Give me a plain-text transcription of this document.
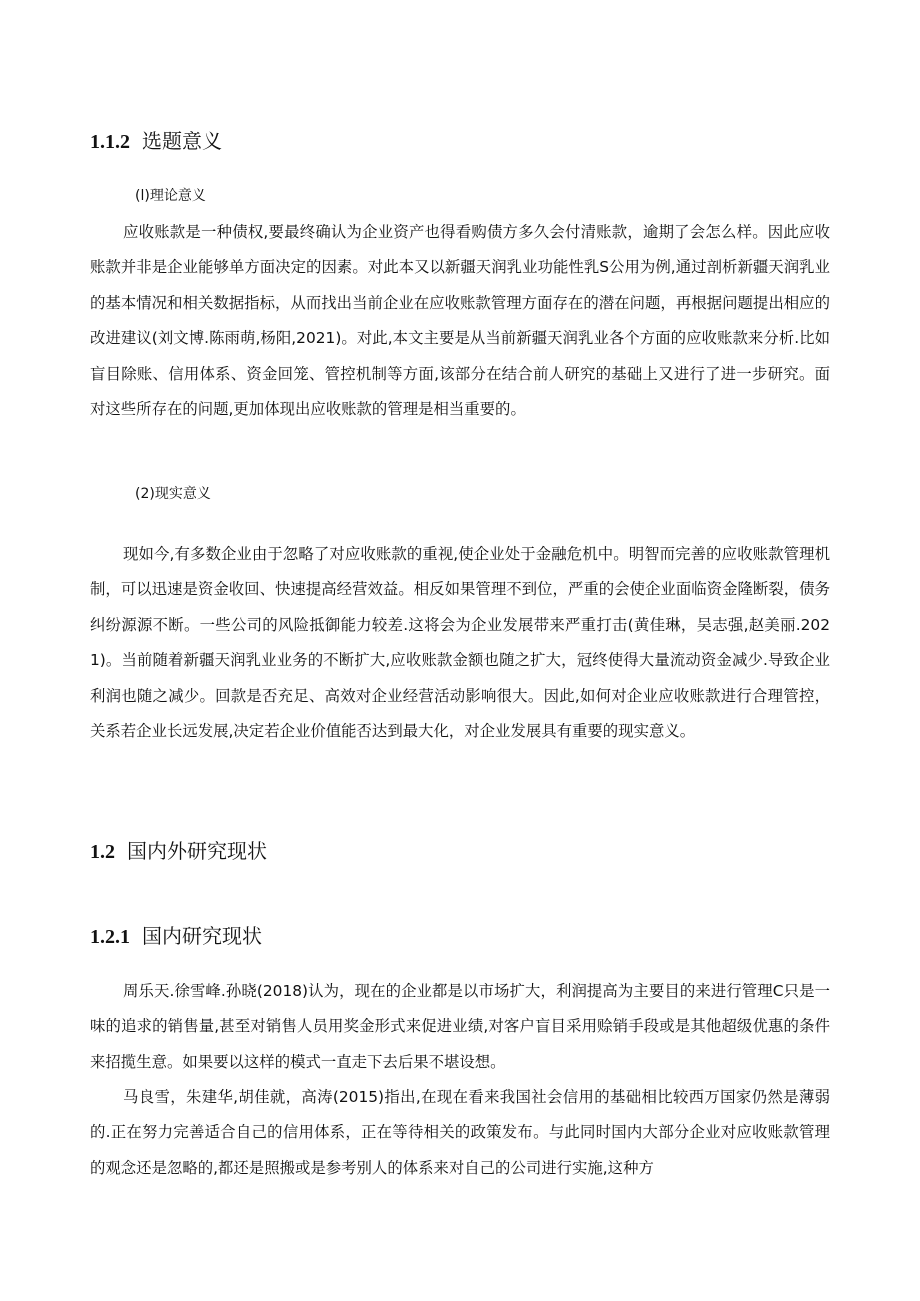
1.1.2 选题意义
(l)理论意义

应收账款是一种债权,要最终确认为企业资产也得看购债方多久会付清账款，逾期了会怎么样。因此应收账款并非是企业能够单方面决定的因素。对此本又以新疆天润乳业功能性乳S公用为例,通过剖析新疆天润乳业的基本情况和相关数据指标，从而找出当前企业在应收账款管理方面存在的潜在问题，再根据问题提出相应的改进建议(刘文博.陈雨萌,杨阳,2021)。对此,本文主要是从当前新疆天润乳业各个方面的应收账款来分析.比如盲目除账、信用体系、资金回笼、管控机制等方面,该部分在结合前人研究的基础上又进行了进一步研究。面对这些所存在的问题,更加体现出应收账款的管理是相当重要的。

(2)现实意义

现如今,有多数企业由于忽略了对应收账款的重视,使企业处于金融危机中。明智而完善的应收账款管理机制，可以迅速是资金收回、快速提高经营效益。相反如果管理不到位，严重的会使企业面临资金隆断裂，债务纠纷源源不断。一些公司的风险抵御能力较差.这将会为企业发展带来严重打击(黄佳琳，吴志强,赵美丽.2021)。当前随着新疆天润乳业业务的不断扩大,应收账款金额也随之扩大，冠终使得大量流动资金减少.导致企业利润也随之减少。回款是否充足、高效对企业经营活动影响很大。因此,如何对企业应收账款进行合理管控，关系若企业长远发展,决定若企业价值能否达到最大化，对企业发展具有重要的现实意义。

1.2 国内外研究现状
1.2.1 国内研究现状

周乐天.徐雪峰.孙晓(2018)认为，现在的企业都是以市场扩大，利润提高为主要目的来进行管理C只是一味的追求的销售量,甚至对销售人员用奖金形式来促进业绩,对客户盲目采用赊销手段或是其他超级优惠的条件来招揽生意。如果要以这样的模式一直走下去后果不堪设想。

马良雪，朱建华,胡佳就，高涛(2015)指出,在现在看来我国社会信用的基础相比较西万国家仍然是薄弱的.正在努力完善适合自己的信用体系，正在等待相关的政策发布。与此同时国内大部分企业对应收账款管理的观念还是忽略的,都还是照搬或是参考别人的体系来对自己的公司进行实施,这种方
